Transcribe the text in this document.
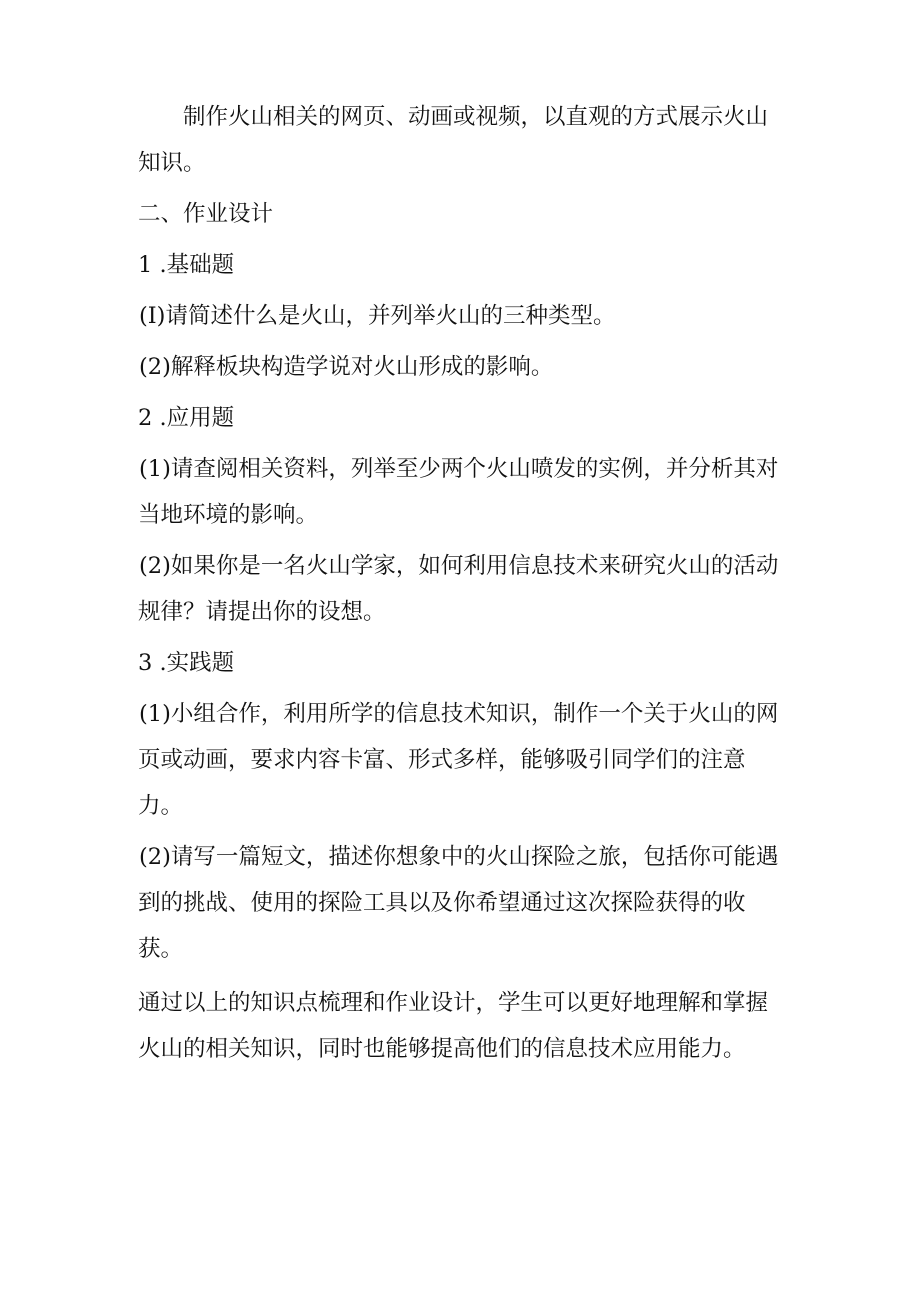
制作火山相关的网页、动画或视频，以直观的方式展示火山知识。

二、作业设计

1 .基础题

(I)请简述什么是火山，并列举火山的三种类型。

(2)解释板块构造学说对火山形成的影响。

2 .应用题

(1)请查阅相关资料，列举至少两个火山喷发的实例，并分析其对当地环境的影响。

(2)如果你是一名火山学家，如何利用信息技术来研究火山的活动规律？请提出你的设想。

3 .实践题

(1)小组合作，利用所学的信息技术知识，制作一个关于火山的网页或动画，要求内容卡富、形式多样，能够吸引同学们的注意力。

(2)请写一篇短文，描述你想象中的火山探险之旅，包括你可能遇到的挑战、使用的探险工具以及你希望通过这次探险获得的收获。

通过以上的知识点梳理和作业设计，学生可以更好地理解和掌握火山的相关知识，同时也能够提高他们的信息技术应用能力。
